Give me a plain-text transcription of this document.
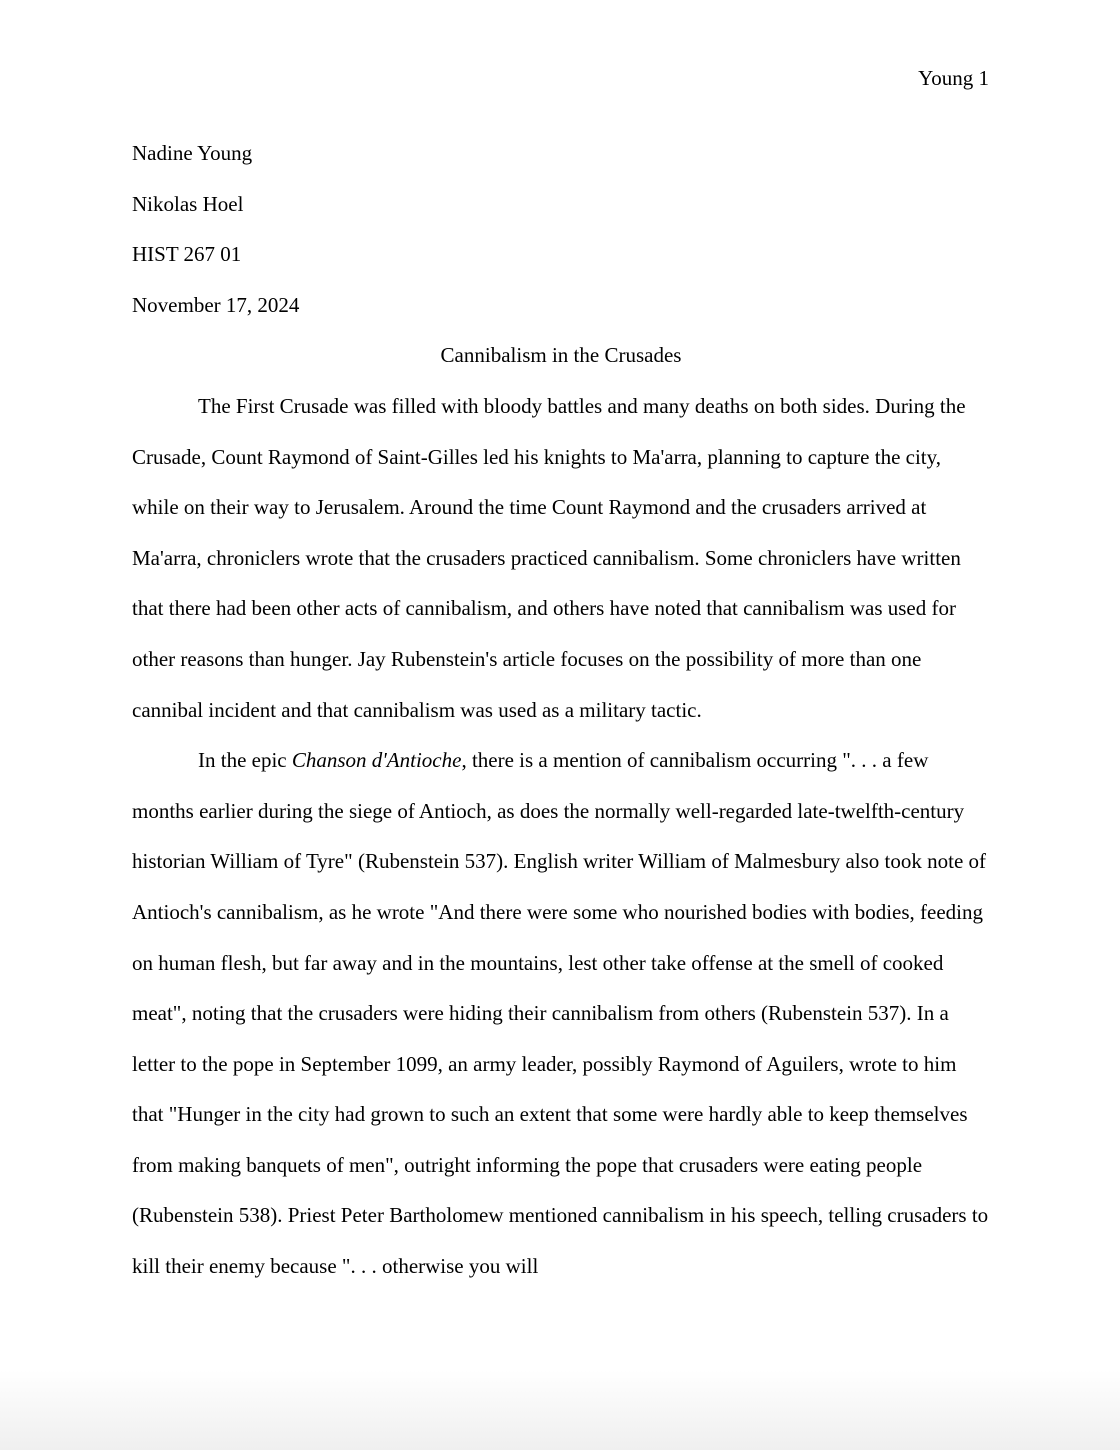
Young 1
Nadine Young
Nikolas Hoel
HIST 267 01
November 17, 2024
Cannibalism in the Crusades

The First Crusade was filled with bloody battles and many deaths on both sides. During the Crusade, Count Raymond of Saint-Gilles led his knights to Ma'arra, planning to capture the city, while on their way to Jerusalem. Around the time Count Raymond and the crusaders arrived at Ma'arra, chroniclers wrote that the crusaders practiced cannibalism. Some chroniclers have written that there had been other acts of cannibalism, and others have noted that cannibalism was used for other reasons than hunger. Jay Rubenstein's article focuses on the possibility of more than one cannibal incident and that cannibalism was used as a military tactic.

In the epic Chanson d'Antioche, there is a mention of cannibalism occurring ". . . a few months earlier during the siege of Antioch, as does the normally well-regarded late-twelfth-century historian William of Tyre" (Rubenstein 537). English writer William of Malmesbury also took note of Antioch's cannibalism, as he wrote "And there were some who nourished bodies with bodies, feeding on human flesh, but far away and in the mountains, lest other take offense at the smell of cooked meat", noting that the crusaders were hiding their cannibalism from others (Rubenstein 537). In a letter to the pope in September 1099, an army leader, possibly Raymond of Aguilers, wrote to him that "Hunger in the city had grown to such an extent that some were hardly able to keep themselves from making banquets of men", outright informing the pope that crusaders were eating people (Rubenstein 538). Priest Peter Bartholomew mentioned cannibalism in his speech, telling crusaders to kill their enemy because ". . . otherwise you will
